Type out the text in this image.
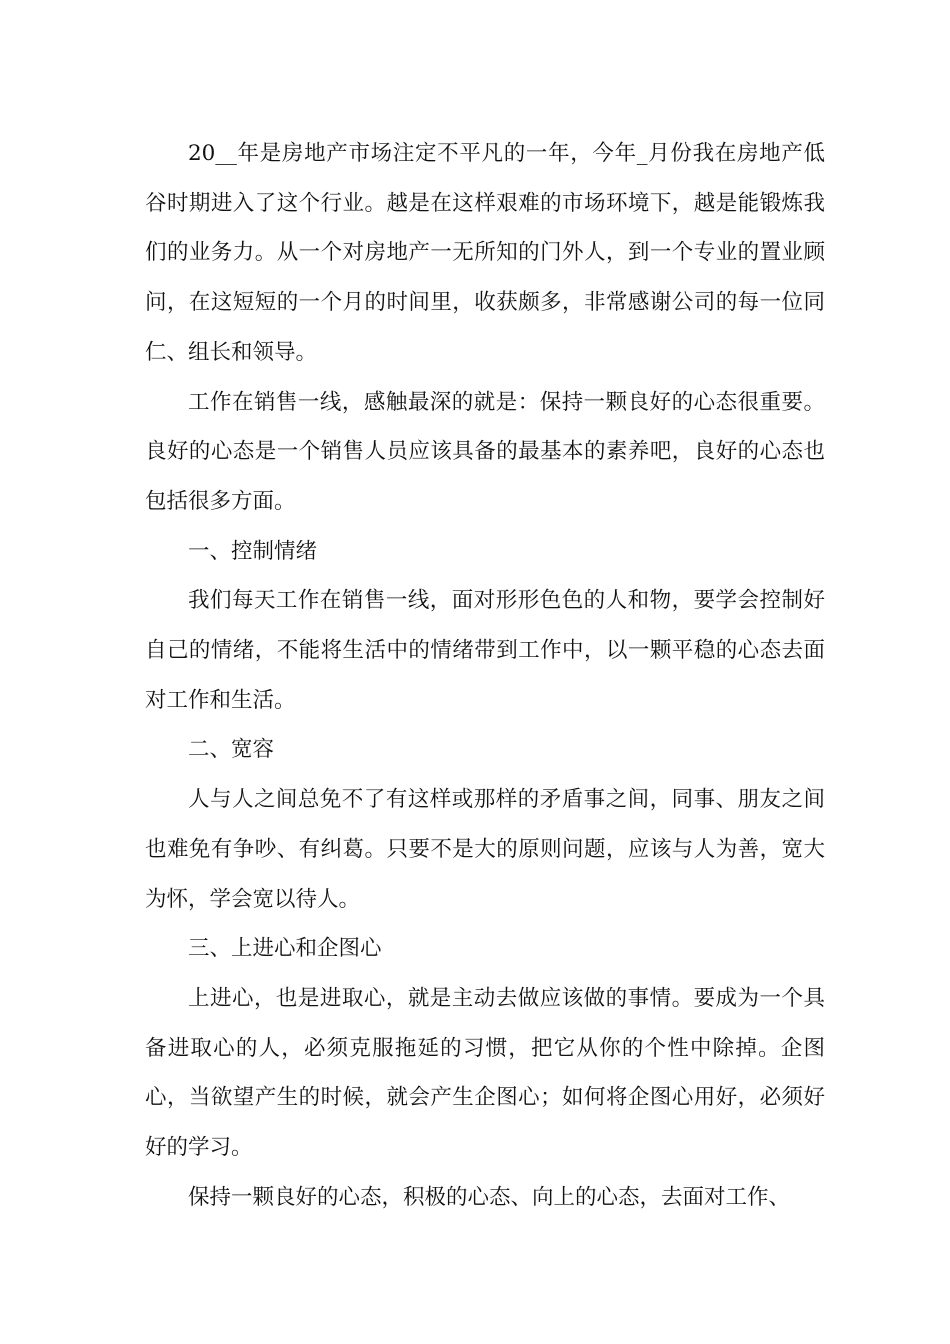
20__年是房地产市场注定不平凡的一年，今年_月份我在房地产低谷时期进入了这个行业。越是在这样艰难的市场环境下，越是能锻炼我们的业务力。从一个对房地产一无所知的门外人，到一个专业的置业顾问，在这短短的一个月的时间里，收获颇多，非常感谢公司的每一位同仁、组长和领导。

工作在销售一线，感触最深的就是：保持一颗良好的心态很重要。良好的心态是一个销售人员应该具备的最基本的素养吧，良好的心态也包括很多方面。

一、控制情绪

我们每天工作在销售一线，面对形形色色的人和物，要学会控制好自己的情绪，不能将生活中的情绪带到工作中，以一颗平稳的心态去面对工作和生活。

二、宽容

人与人之间总免不了有这样或那样的矛盾事之间，同事、朋友之间也难免有争吵、有纠葛。只要不是大的原则问题，应该与人为善，宽大为怀，学会宽以待人。

三、上进心和企图心

上进心，也是进取心，就是主动去做应该做的事情。要成为一个具备进取心的人，必须克服拖延的习惯，把它从你的个性中除掉。企图心，当欲望产生的时候，就会产生企图心；如何将企图心用好，必须好好的学习。

保持一颗良好的心态，积极的心态、向上的心态，去面对工作、
